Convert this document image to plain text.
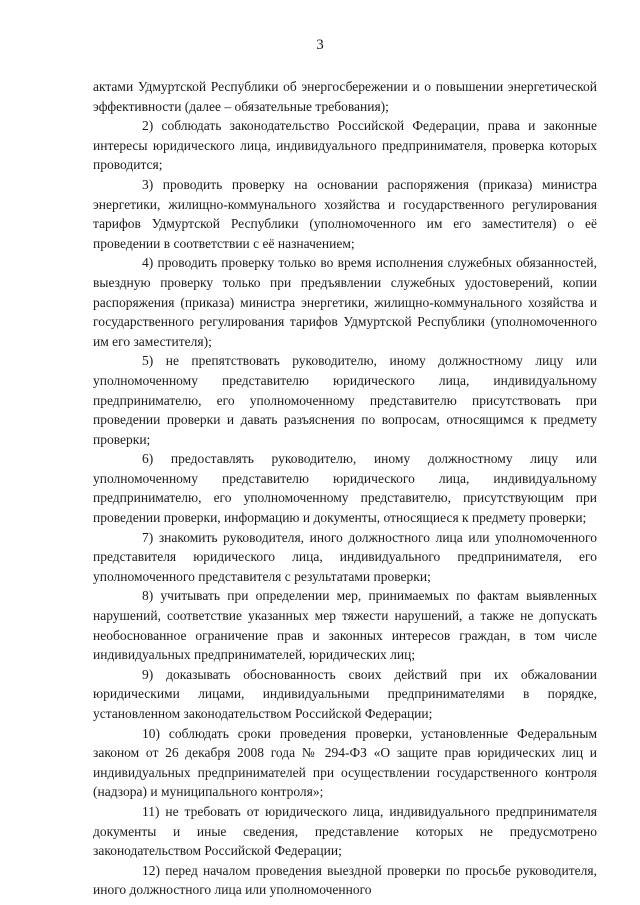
3

актами Удмуртской Республики об энергосбережении и о повышении энергетической эффективности (далее – обязательные требования);

2) соблюдать законодательство Российской Федерации, права и законные интересы юридического лица, индивидуального предпринимателя, проверка которых проводится;

3) проводить проверку на основании распоряжения (приказа) министра энергетики, жилищно-коммунального хозяйства и государственного регулирования тарифов Удмуртской Республики (уполномоченного им его заместителя) о её проведении в соответствии с её назначением;

4) проводить проверку только во время исполнения служебных обязанностей, выездную проверку только при предъявлении служебных удостоверений, копии распоряжения (приказа) министра энергетики, жилищно-коммунального хозяйства и государственного регулирования тарифов Удмуртской Республики (уполномоченного им его заместителя);

5) не препятствовать руководителю, иному должностному лицу или уполномоченному представителю юридического лица, индивидуальному предпринимателю, его уполномоченному представителю присутствовать при проведении проверки и давать разъяснения по вопросам, относящимся к предмету проверки;

6) предоставлять руководителю, иному должностному лицу или уполномоченному представителю юридического лица, индивидуальному предпринимателю, его уполномоченному представителю, присутствующим при проведении проверки, информацию и документы, относящиеся к предмету проверки;

7) знакомить руководителя, иного должностного лица или уполномоченного представителя юридического лица, индивидуального предпринимателя, его уполномоченного представителя с результатами проверки;

8) учитывать при определении мер, принимаемых по фактам выявленных нарушений, соответствие указанных мер тяжести нарушений, а также не допускать необоснованное ограничение прав и законных интересов граждан, в том числе индивидуальных предпринимателей, юридических лиц;

9) доказывать обоснованность своих действий при их обжаловании юридическими лицами, индивидуальными предпринимателями в порядке, установленном законодательством Российской Федерации;

10) соблюдать сроки проведения проверки, установленные Федеральным законом от 26 декабря 2008 года № 294-ФЗ «О защите прав юридических лиц и индивидуальных предпринимателей при осуществлении государственного контроля (надзора) и муниципального контроля»;

11) не требовать от юридического лица, индивидуального предпринимателя документы и иные сведения, представление которых не предусмотрено законодательством Российской Федерации;

12) перед началом проведения выездной проверки по просьбе руководителя, иного должностного лица или уполномоченного
